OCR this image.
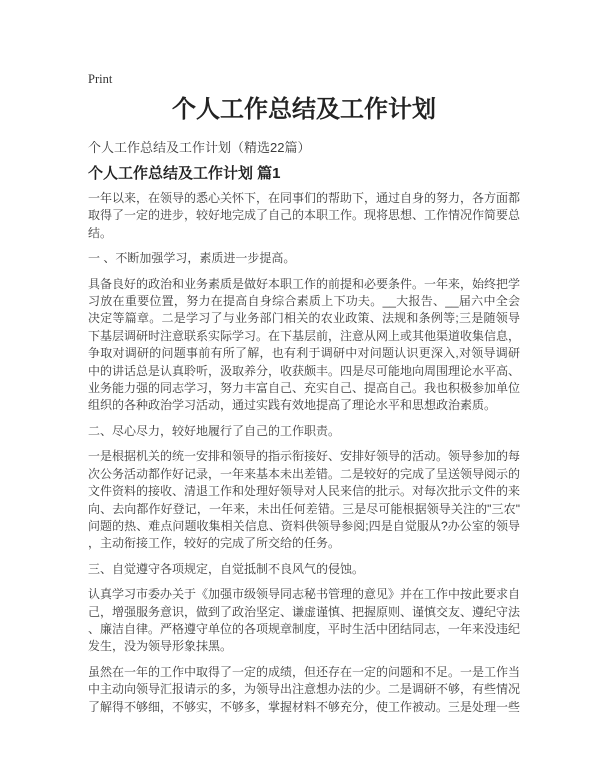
Print
个人工作总结及工作计划

个人工作总结及工作计划（精选22篇）

个人工作总结及工作计划 篇1

一年以来，在领导的悉心关怀下，在同事们的帮助下，通过自身的努力，各方面都取得了一定的进步，较好地完成了自己的本职工作。现将思想、工作情况作简要总结。

一 、不断加强学习，素质进一步提高。

具备良好的政治和业务素质是做好本职工作的前提和必要条件。一年来，始终把学习放在重要位置，努力在提高自身综合素质上下功夫。__大报告、__届六中全会决定等篇章。二是学习了与业务部门相关的农业政策、法规和条例等;三是随领导下基层调研时注意联系实际学习。在下基层前，注意从网上或其他渠道收集信息，争取对调研的问题事前有所了解，也有利于调研中对问题认识更深入,对领导调研中的讲话总是认真聆听，汲取养分，收获颇丰。四是尽可能地向周围理论水平高、业务能力强的同志学习，努力丰富自己、充实自己、提高自己。我也积极参加单位组织的各种政治学习活动，通过实践有效地提高了理论水平和思想政治素质。

二、尽心尽力，较好地履行了自己的工作职责。

一是根据机关的统一安排和领导的指示衔接好、安排好领导的活动。领导参加的每次公务活动都作好记录，一年来基本未出差错。二是较好的完成了呈送领导阅示的文件资料的接收、清退工作和处理好领导对人民来信的批示。对每次批示文件的来向、去向都作好登记，一年来，未出任何差错。三是尽可能根据领导关注的"三农"问题的热、难点问题收集相关信息、资料供领导参阅;四是自觉服从?办公室的领导，主动衔接工作，较好的完成了所交给的任务。

三、自觉遵守各项规定，自觉抵制不良风气的侵蚀。

认真学习市委办关于《加强市级领导同志秘书管理的意见》并在工作中按此要求自己，增强服务意识，做到了政治坚定、谦虚谨慎、把握原则、谨慎交友、遵纪守法、廉洁自律。严格遵守单位的各项规章制度，平时生活中团结同志，一年来没违纪发生，没为领导形象抹黑。

虽然在一年的工作中取得了一定的成绩，但还存在一定的问题和不足。一是工作当中主动向领导汇报请示的多，为领导出注意想办法的少。二是调研不够，有些情况了解得不够细，不够实，不够多，掌握材料不够充分，使工作被动。三是处理一些
